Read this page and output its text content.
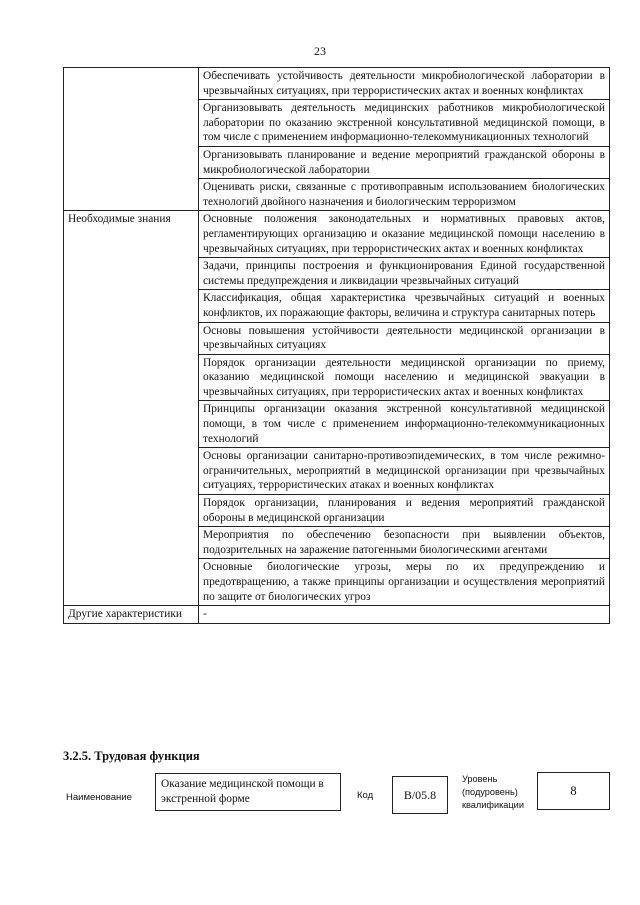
23
	Обеспечивать устойчивость деятельности микробиологической лаборатории в чрезвычайных ситуациях, при террористических актах и военных конфликтах
	Организовывать деятельность медицинских работников микробиологической лаборатории по оказанию экстренной консультативной медицинской помощи, в том числе с применением информационно-телекоммуникационных технологий
	Организовывать планирование и ведение мероприятий гражданской обороны в микробиологической лаборатории
	Оценивать риски, связанные с противоправным использованием биологических технологий двойного назначения и биологическим терроризмом
Необходимые знания	Основные положения законодательных и нормативных правовых актов, регламентирующих организацию и оказание медицинской помощи населению в чрезвычайных ситуациях, при террористических актах и военных конфликтах
	Задачи, принципы построения и функционирования Единой государственной системы предупреждения и ликвидации чрезвычайных ситуаций
	Классификация, общая характеристика чрезвычайных ситуаций и военных конфликтов, их поражающие факторы, величина и структура санитарных потерь
	Основы повышения устойчивости деятельности медицинской организации в чрезвычайных ситуациях
	Порядок организации деятельности медицинской организации по приему, оказанию медицинской помощи населению и медицинской эвакуации в чрезвычайных ситуациях, при террористических актах и военных конфликтах
	Принципы организации оказания экстренной консультативной медицинской помощи, в том числе с применением информационно-телекоммуникационных технологий
	Основы организации санитарно-противоэпидемических, в том числе режимно-ограничительных, мероприятий в медицинской организации при чрезвычайных ситуациях, террористических атаках и военных конфликтах
	Порядок организации, планирования и ведения мероприятий гражданской обороны в медицинской организации
	Мероприятия по обеспечению безопасности при выявлении объектов, подозрительных на заражение патогенными биологическими агентами
	Основные биологические угрозы, меры по их предупреждению и предотвращению, а также принципы организации и осуществления мероприятий по защите от биологических угроз
Другие характеристики	-
3.2.5. Трудовая функция
Наименование
Оказание медицинской помощи в экстренной форме	Код	B/05.8
Уровень (подуровень) квалификации
8
